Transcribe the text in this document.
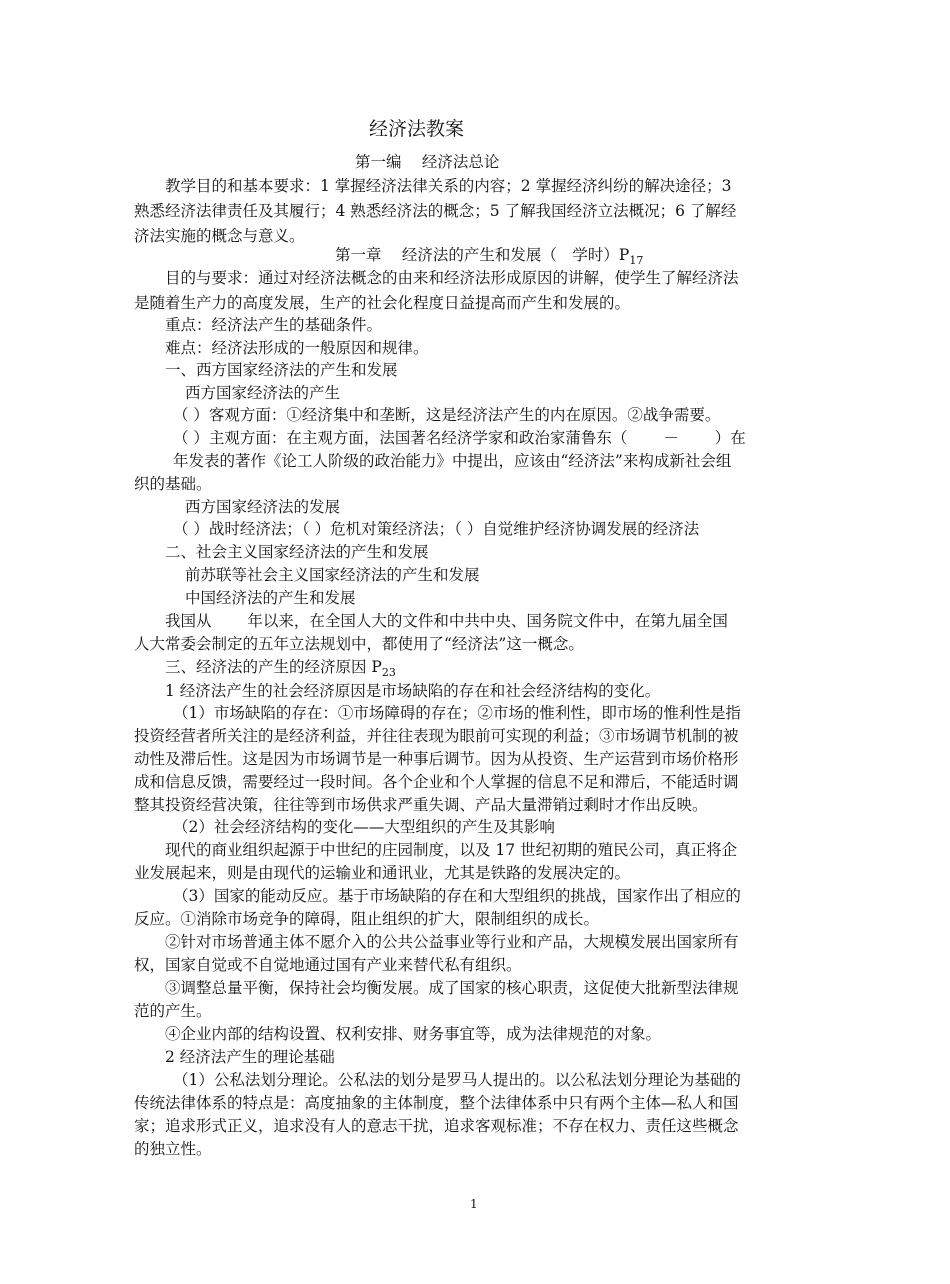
经济法教案
第一编　 经济法总论
教学目的和基本要求：1 掌握经济法律关系的内容；2 掌握经济纠纷的解决途径；3
熟悉经济法律责任及其履行；4 熟悉经济法的概念；5 了解我国经济立法概况；6 了解经
济法实施的概念与意义。
第一章　 经济法的产生和发展（　学时）$P_{17}$
目的与要求：通过对经济法概念的由来和经济法形成原因的讲解，使学生了解经济法
是随着生产力的高度发展，生产的社会化程度日益提高而产生和发展的。
重点：经济法产生的基础条件。
难点：经济法形成的一般原因和规律。
一、西方国家经济法的产生和发展
西方国家经济法的产生
（ ）客观方面：①经济集中和垄断，这是经济法产生的内在原因。②战争需要。
（ ）主观方面：在主观方面，法国著名经济学家和政治家蒲鲁东（　　 －　　 ）在
年发表的著作《论工人阶级的政治能力》中提出，应该由“经济法”来构成新社会组
织的基础。
西方国家经济法的发展
（ ）战时经济法；（ ）危机对策经济法；（ ）自觉维护经济协调发展的经济法
二、社会主义国家经济法的产生和发展
前苏联等社会主义国家经济法的产生和发展
中国经济法的产生和发展
我国从　　 年以来，在全国人大的文件和中共中央、国务院文件中，在第九届全国
人大常委会制定的五年立法规划中，都使用了“经济法”这一概念。
三、经济法的产生的经济原因 $P_{23}$
1 经济法产生的社会经济原因是市场缺陷的存在和社会经济结构的变化。
（1）市场缺陷的存在：①市场障碍的存在；②市场的惟利性，即市场的惟利性是指
投资经营者所关注的是经济利益，并往往表现为眼前可实现的利益；③市场调节机制的被
动性及滞后性。这是因为市场调节是一种事后调节。因为从投资、生产运营到市场价格形
成和信息反馈，需要经过一段时间。各个企业和个人掌握的信息不足和滞后，不能适时调
整其投资经营决策，往往等到市场供求严重失调、产品大量滞销过剩时才作出反映。
（2）社会经济结构的变化——大型组织的产生及其影响
现代的商业组织起源于中世纪的庄园制度，以及 17 世纪初期的殖民公司，真正将企
业发展起来，则是由现代的运输业和通讯业，尤其是铁路的发展决定的。
（3）国家的能动反应。基于市场缺陷的存在和大型组织的挑战，国家作出了相应的
反应。①消除市场竞争的障碍，阻止组织的扩大，限制组织的成长。
②针对市场普通主体不愿介入的公共公益事业等行业和产品，大规模发展出国家所有
权，国家自觉或不自觉地通过国有产业来替代私有组织。
③调整总量平衡，保持社会均衡发展。成了国家的核心职责，这促使大批新型法律规
范的产生。
④企业内部的结构设置、权利安排、财务事宜等，成为法律规范的对象。
2 经济法产生的理论基础
（1）公私法划分理论。公私法的划分是罗马人提出的。以公私法划分理论为基础的
传统法律体系的特点是：高度抽象的主体制度，整个法律体系中只有两个主体—私人和国
家；追求形式正义，追求没有人的意志干扰，追求客观标准；不存在权力、责任这些概念
的独立性。
1
